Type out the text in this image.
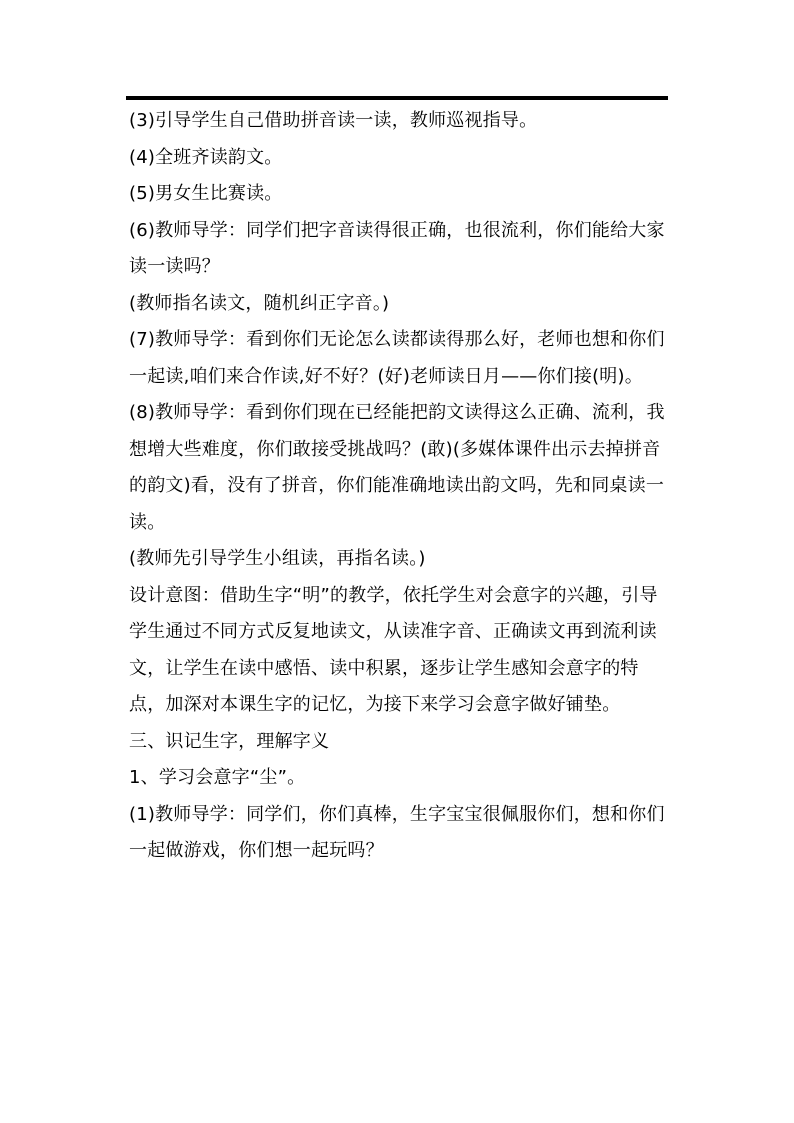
(3)引导学生自己借助拼音读一读，教师巡视指导。

(4)全班齐读韵文。

(5)男女生比赛读。

(6)教师导学：同学们把字音读得很正确，也很流利，你们能给大家读一读吗？

(教师指名读文，随机纠正字音。)

(7)教师导学：看到你们无论怎么读都读得那么好，老师也想和你们一起读,咱们来合作读,好不好？(好)老师读日月——你们接(明)。

(8)教师导学：看到你们现在已经能把韵文读得这么正确、流利，我想增大些难度，你们敢接受挑战吗？(敢)(多媒体课件出示去掉拼音的韵文)看，没有了拼音，你们能准确地读出韵文吗，先和同桌读一读。

(教师先引导学生小组读，再指名读。)

设计意图：借助生字“明”的教学，依托学生对会意字的兴趣，引导学生通过不同方式反复地读文，从读准字音、正确读文再到流利读文，让学生在读中感悟、读中积累，逐步让学生感知会意字的特点，加深对本课生字的记忆，为接下来学习会意字做好铺垫。

三、识记生字，理解字义

1、学习会意字“尘”。

(1)教师导学：同学们，你们真棒，生字宝宝很佩服你们，想和你们一起做游戏，你们想一起玩吗？
